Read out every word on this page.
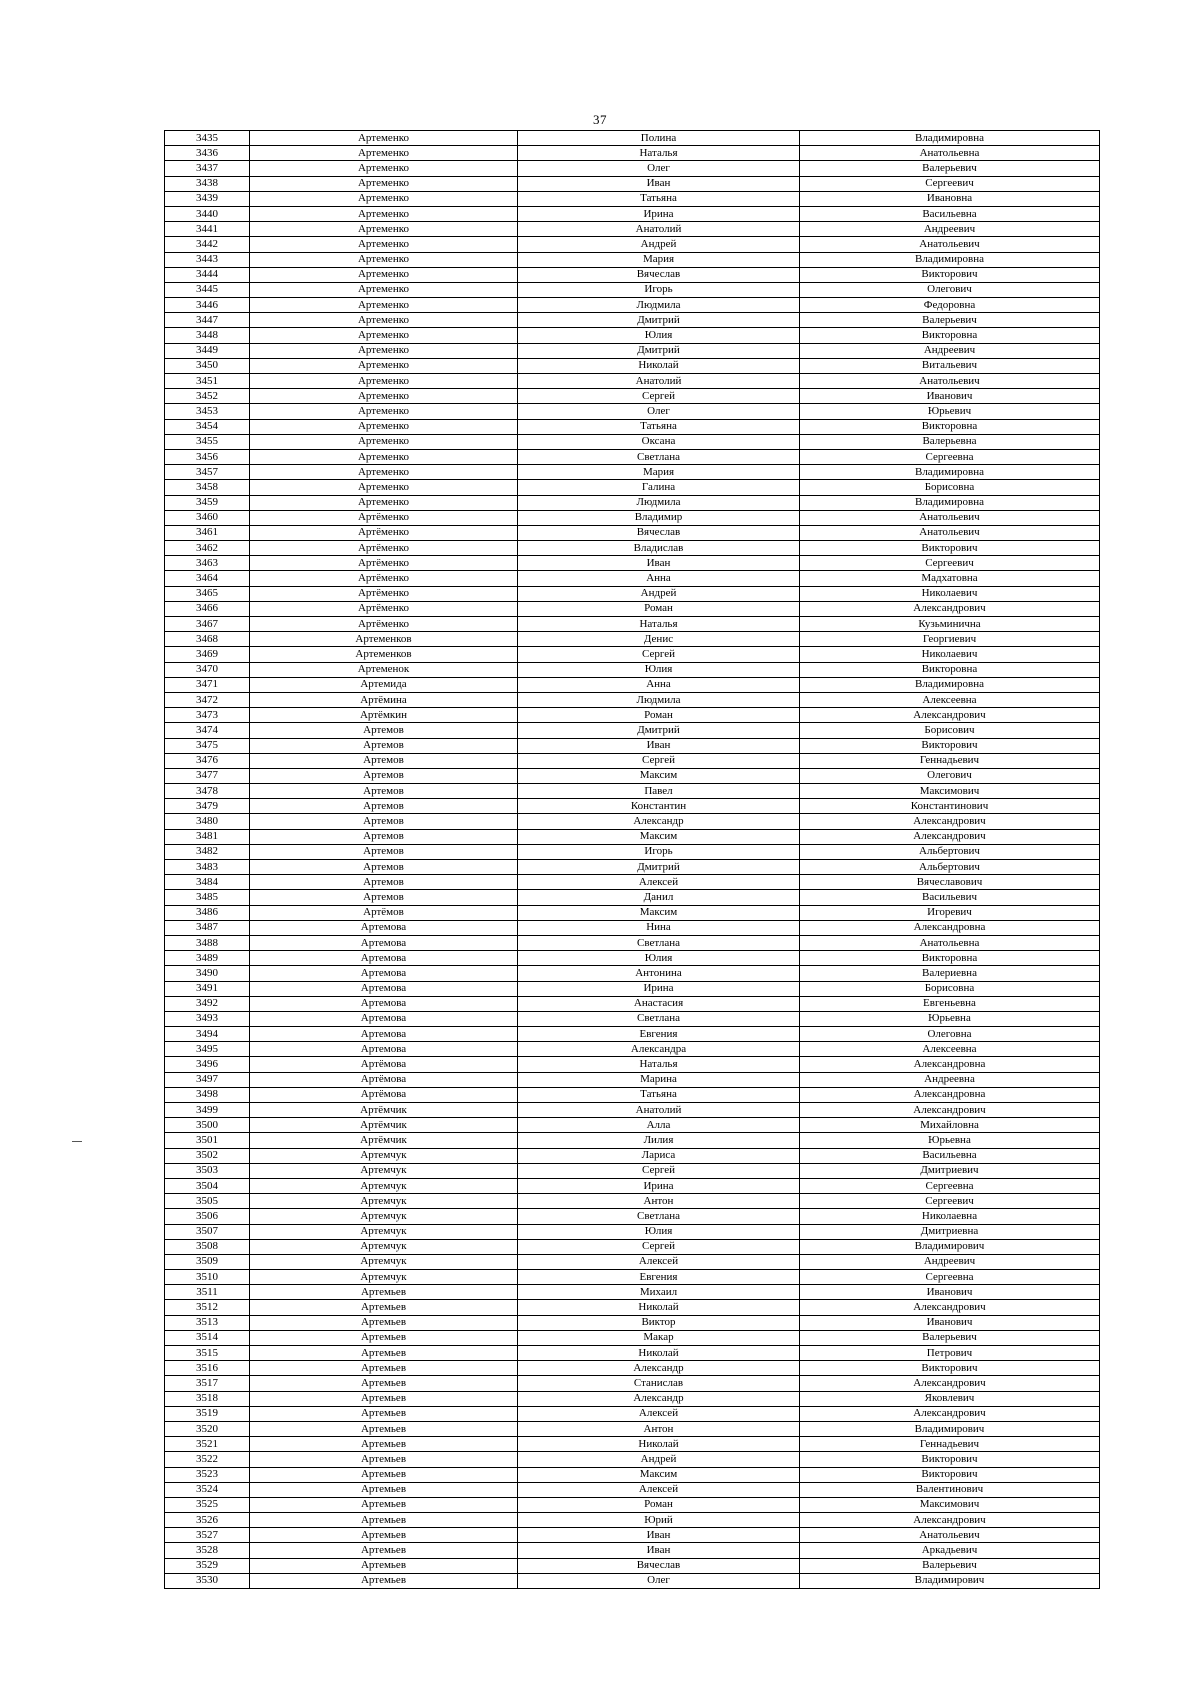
37
3435	Артеменко	Полина	Владимировна
3436	Артеменко	Наталья	Анатольевна
3437	Артеменко	Олег	Валерьевич
3438	Артеменко	Иван	Сергеевич
3439	Артеменко	Татьяна	Ивановна
3440	Артеменко	Ирина	Васильевна
3441	Артеменко	Анатолий	Андреевич
3442	Артеменко	Андрей	Анатольевич
3443	Артеменко	Мария	Владимировна
3444	Артеменко	Вячеслав	Викторович
3445	Артеменко	Игорь	Олегович
3446	Артеменко	Людмила	Федоровна
3447	Артеменко	Дмитрий	Валерьевич
3448	Артеменко	Юлия	Викторовна
3449	Артеменко	Дмитрий	Андреевич
3450	Артеменко	Николай	Витальевич
3451	Артеменко	Анатолий	Анатольевич
3452	Артеменко	Сергей	Иванович
3453	Артеменко	Олег	Юрьевич
3454	Артеменко	Татьяна	Викторовна
3455	Артеменко	Оксана	Валерьевна
3456	Артеменко	Светлана	Сергеевна
3457	Артеменко	Мария	Владимировна
3458	Артеменко	Галина	Борисовна
3459	Артеменко	Людмила	Владимировна
3460	Артёменко	Владимир	Анатольевич
3461	Артёменко	Вячеслав	Анатольевич
3462	Артёменко	Владислав	Викторович
3463	Артёменко	Иван	Сергеевич
3464	Артёменко	Анна	Мадхатовна
3465	Артёменко	Андрей	Николаевич
3466	Артёменко	Роман	Александрович
3467	Артёменко	Наталья	Кузьминична
3468	Артеменков	Денис	Георгиевич
3469	Артеменков	Сергей	Николаевич
3470	Артеменок	Юлия	Викторовна
3471	Артемида	Анна	Владимировна
3472	Артёмина	Людмила	Алексеевна
3473	Артёмкин	Роман	Александрович
3474	Артемов	Дмитрий	Борисович
3475	Артемов	Иван	Викторович
3476	Артемов	Сергей	Геннадьевич
3477	Артемов	Максим	Олегович
3478	Артемов	Павел	Максимович
3479	Артемов	Константин	Константинович
3480	Артемов	Александр	Александрович
3481	Артемов	Максим	Александрович
3482	Артемов	Игорь	Альбертович
3483	Артемов	Дмитрий	Альбертович
3484	Артемов	Алексей	Вячеславович
3485	Артемов	Данил	Васильевич
3486	Артёмов	Максим	Игоревич
3487	Артемова	Нина	Александровна
3488	Артемова	Светлана	Анатольевна
3489	Артемова	Юлия	Викторовна
3490	Артемова	Антонина	Валериевна
3491	Артемова	Ирина	Борисовна
3492	Артемова	Анастасия	Евгеньевна
3493	Артемова	Светлана	Юрьевна
3494	Артемова	Евгения	Олеговна
3495	Артемова	Александра	Алексеевна
3496	Артёмова	Наталья	Александровна
3497	Артёмова	Марина	Андреевна
3498	Артёмова	Татьяна	Александровна
3499	Артёмчик	Анатолий	Александрович
3500	Артёмчик	Алла	Михайловна
3501	Артёмчик	Лилия	Юрьевна
3502	Артемчук	Лариса	Васильевна
3503	Артемчук	Сергей	Дмитриевич
3504	Артемчук	Ирина	Сергеевна
3505	Артемчук	Антон	Сергеевич
3506	Артемчук	Светлана	Николаевна
3507	Артемчук	Юлия	Дмитриевна
3508	Артемчук	Сергей	Владимирович
3509	Артемчук	Алексей	Андреевич
3510	Артемчук	Евгения	Сергеевна
3511	Артемьев	Михаил	Иванович
3512	Артемьев	Николай	Александрович
3513	Артемьев	Виктор	Иванович
3514	Артемьев	Макар	Валерьевич
3515	Артемьев	Николай	Петрович
3516	Артемьев	Александр	Викторович
3517	Артемьев	Станислав	Александрович
3518	Артемьев	Александр	Яковлевич
3519	Артемьев	Алексей	Александрович
3520	Артемьев	Антон	Владимирович
3521	Артемьев	Николай	Геннадьевич
3522	Артемьев	Андрей	Викторович
3523	Артемьев	Максим	Викторович
3524	Артемьев	Алексей	Валентинович
3525	Артемьев	Роман	Максимович
3526	Артемьев	Юрий	Александрович
3527	Артемьев	Иван	Анатольевич
3528	Артемьев	Иван	Аркадьевич
3529	Артемьев	Вячеслав	Валерьевич
3530	Артемьев	Олег	Владимирович
